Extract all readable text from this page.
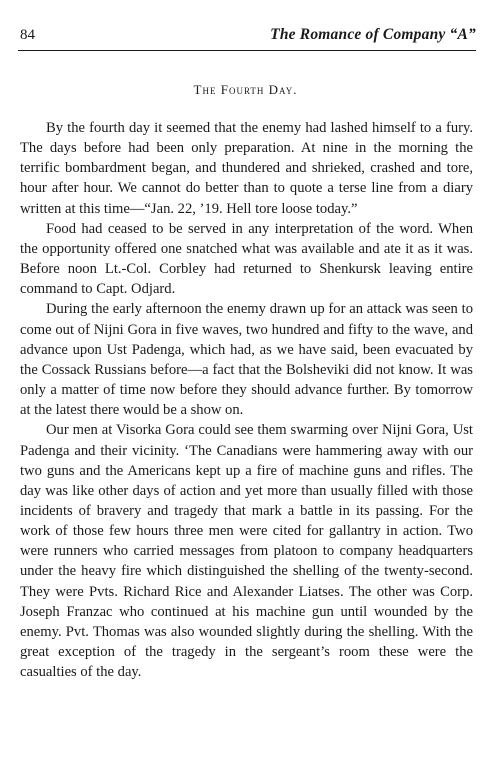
84	The Romance of Company “A”
The Fourth Day.

By the fourth day it seemed that the enemy had lashed himself to a fury. The days before had been only preparation. At nine in the morning the terrific bombardment began, and thundered and shrieked, crashed and tore, hour after hour. We cannot do better than to quote a terse line from a diary written at this time—“Jan. 22, ’19. Hell tore loose today.”

Food had ceased to be served in any interpretation of the word. When the opportunity offered one snatched what was available and ate it as it was. Before noon Lt.-Col. Corbley had returned to Shenkursk leaving entire command to Capt. Odjard.

During the early afternoon the enemy drawn up for an attack was seen to come out of Nijni Gora in five waves, two hundred and fifty to the wave, and advance upon Ust Padenga, which had, as we have said, been evacuated by the Cossack Russians before—a fact that the Bolsheviki did not know. It was only a matter of time now before they should advance further. By tomorrow at the latest there would be a show on.

Our men at Visorka Gora could see them swarming over Nijni Gora, Ust Padenga and their vicinity. ‘The Canadians were hammering away with our two guns and the Americans kept up a fire of machine guns and rifles. The day was like other days of action and yet more than usually filled with those incidents of bravery and tragedy that mark a battle in its passing. For the work of those few hours three men were cited for gallantry in action. Two were runners who carried messages from platoon to company headquarters under the heavy fire which distinguished the shelling of the twenty-second. They were Pvts. Richard Rice and Alexander Liatses. The other was Corp. Joseph Franzac who continued at his machine gun until wounded by the enemy. Pvt. Thomas was also wounded slightly during the shelling. With the great exception of the tragedy in the sergeant’s room these were the casualties of the day.
